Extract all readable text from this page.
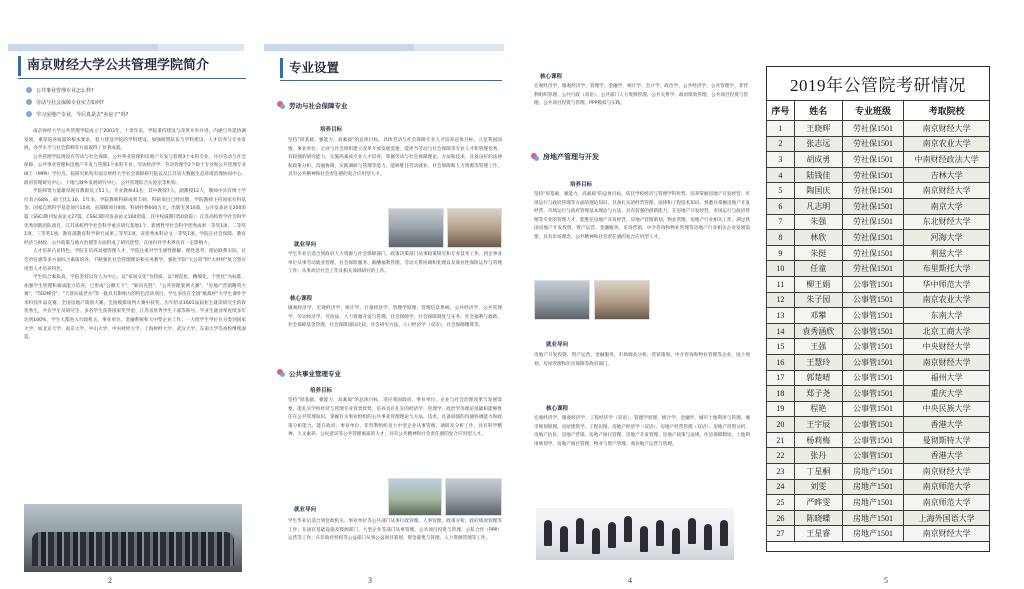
南京财经大学公共管理学院简介
公共事业管理专业怎么样?
劳动与社会保障专业实力如何?
学习房地产专业，今后真是去"卖房子"吗?

南京财经大学公共管理学院成立于2003年。十余年来，学院秉持建设与改革并举并进，内涵与外延协调发展，重谋培养质量的根本要求，着力建设学院的学科建设、加强师资队伍与学科建设，人才培养与专业发展，办学水平与社会影响等方面取得了显著成就。

公共管理学院现设有劳动与社会保障、公共事业管理和房地产开发与管理3个本科专业，开办劳动与社会保障、公共事业管理和房地产开发与管理3个本科专业。劳动经济学、劳动管理学2个硕士专业和公共管理专业硕士（MPA）学位点。院研究机构有南京财经大学社会保障研究院以及江苏省大数据生态环境治理协同中心、政府管理研究中心、土地与城乡发展研究中心、公共管理综合实验室等机构。

学院师资力量雄厚现有教职员工51人。专业教师43名，其中教授7人，副教授12人，教师中具有博士学位者占68%，硕士比1:10，1年来，学院教师科研成果丰硕，科研项目已经同期，学院教师主持国家社科基金、国家自然科学基金项目10项，省部级项目8项，科研经费600万元，出版专著10部，公开发表论文200余篇（SSCI期刊发表论文27篇，CSSCI期刊发表论文160余篇，其中权威期刊50余篇）；江苏高校哲学社会科学优秀创新团队项目，江苏高校哲学社会科学重点研究基地1个，新增哲学社会科学优秀成果一等奖1项、二等奖1项、三等奖1项，教育部教育科学研究成果三等奖1项，省优秀本科论文一等奖1项。学院在社会保障、教育经济与财政、公共政策与地方治理等方面形成了研究优势，在国内外学术界具有一定影响力。

人才培养凸显特色。学院在培养高端管理人才，学院注重对学生感性理解、理性思考、理论联系实际，社会责任感等多方面综合素质培养，不断强化社会管理理论和实务教学，强化学院"大公管"和"大财经"复合型应用型人才培养特色。

学生综合素质高。学院坚持以育人为中心，以"家国文化"为特质，以"规范化、精细化、个性化"为标准，加强学生管理和素质能力培养，已形成"公瓣天下"、"职向克胜"、"公共管理案例大赛"、"房地产营销精英大赛"、"TED峰会"、"天涯抗战老兵"等一批具有影响力的特色活动项目。学生多次在全国"挑战杯"大学生课外学术科技作品竞赛、全国房地产策划大赛、全国模拟谈判大赛中获奖。历年招录1601届届业生就读研究生阶段优秀生，共有学生及研究生、多名学生获得国家奖学金、江苏省优秀学生干部等称号。学业生就业率连续多年达到100%，学生大都进入行政机关、事业单位、金融系统和大中型企业工作；一大批学生学位在分类到国家大学，如北京大学、南京大学、中山大学、中央财经大学、上海财经大学、武汉大学、东南大学等高校继续深造。

2
专业设置
劳动与社会保障专业
培养目标
坚持"厚基础、强能力、高素质"的总体目标。具体劳动与社会保障专业人才培养总体目标，立足我国国情，事业单位、企业与社会组织建立改革开放发展需要，能担当劳动与社会保障等专业人才和管理优秀，有较强的研究能力，实施高素质专业人才培养，掌握劳动与社会保障理论，方法和技术，具备良好的法律和政策分析、沟通协调、实践调研与管理等能力，能够胜任劳动就业、社会保障和人力资源等管理工作，具有公共精神和社会责任感的复合应用型人才。
就业导向
学生毕业后适合到政府人力资源与社会保障部门、政策决策部门从事政策研究和专业技术工作，到企事业单位从事劳动就业管理、社会保险服务、薪酬福利管理、劳动关系协调和处理以及商业性保险运作与管理工作；从事高层社会工作及相关领域研究的工作。
核心课程
微观经济学、宏观经济学、统计学、计量经济学、管理学原理、管理信息系统、公共经济学、公共管理学、劳动经济学、劳动法、人力资源开发与管理、社会保障学、社会保障制度与实务、社会福利与救助、社会保障基金管理、社会保障国际比较、社会研究方法、人口经济学（双语）、社会保障精算等。
公共事业管理专业
培养目标
坚持"厚基础、强能力、高素质"的总体目标，适应我国政府、事业单位、企业与社会治理改革与发展需要，能扎实学校经济与管理专业背景优势，培养具有扎实的经济学、管理学、政治学等理论基础和能够胜任在公共管理知识，掌握有关事业组织的公共事业管理理论与方法、技术，具备较强的沟通协调能力和政策分析能力，能在政府、事业单位、非营利组织及大中型企业从事管理、调研及分析工作，具有科学精神、人文素养、公民意识等公共管理素质的人才，具有公共精神和社会责任感的复合应用型人才。
就业导向
学生毕业后适合到党政机关、事业单位等公共部门从事行政管理、人事管理、政策分析、政府绩效管理等工作；在国有基础设施及资源部门、大型企业等部门从事管理、公共项目投资与管理、公私合作（PPP）运营等工作；在非政府机构等公益部门从事公益项目策划、资金募集与管理、人力资源管理等工作。
3
核心课程
宏观经济学、微观经济学、管理学、金融学、统计学、会计学、政治学、公共经济学、公共管理学、非营利组织管理、公共行政（双语）、公共部门人力资源管理、公共关系学、政府绩效管理、公共项目投资与管理、公共项目投资与管理、PPP模拟与实践。
房地产管理与开发
培养目标
坚持"厚基础、强能力、高素质"的总体目标，依托学校经济与管理学科优势，培养掌握房地产开发经营、市场运行与政府管理等方面的理论知识，具备扎实的经营管理、法律和工程技术知识，熟悉并掌握房地产开发经营、市场运行与政府管理基本理论与方法，具有较强的创新能力，在房地产开发经营、市场运行与政府管理等专业的管理人才，能胜任房地产开发经营、房地产营销策划、物业管理、房地产行业相关工作，满足我国房地产开发投资、资产运营、金融服务、市场营销、中介咨询和物业管理等房地产行业相关企业发展需要，具有市场理念、公共精神和社会责任感的复合应用型人才。
就业导向
房地产开发投资、资产运营、金融服务、市场调查分析、营销策划、中介咨询和物业管理等企业，国土规划、房屋管理和住房保障等政府部门。
核心课程
宏观经济学、微观经济学、工程经济学（双语）、管理学原理、统计学、金融学、城市土地利用与管理、城市规划原理、房屋建筑学、工程识图、房地产经济学（双语）、房地产经营管理（双语）、房地产投资分析、房地产估价、房地产营销、房地产项目管理、房地产开发管理、房地产政策与法规、住房保障制度、土地利用规划学、房地产项目管理、物业与资产管理、商业地产运营与管理。
4
2019年公管院考研情况
序号	姓名	专业班级	考取院校
1	王晓辉	劳社保1501	南京财经大学
2	张志远	劳社保1501	南京农业大学
3	胡成勇	劳社保1501	中南财经政法大学
4	陆钱佳	劳社保1501	吉林大学
5	陶国庆	劳社保1501	南京财经大学
6	凡志明	劳社保1501	南京大学
7	朱强	劳社保1501	东北财经大学
8	林欣	劳社保1501	河海大学
9	朱挺	劳社保1501	利兹大学
10	任童	劳社保1501	布里斯托大学
11	柳王娟	公事管1501	华中师范大学
12	朱子园	公事管1501	南京农业大学
13	邓攀	公事管1501	东南大学
14	袁秀涵欣	公事管1501	北京工商大学
15	王强	公事管1501	中央财经大学
16	王慧玲	公事管1501	南京财经大学
17	郭楚晴	公事管1501	福州大学
18	郑子尧	公事管1501	重庆大学
19	程艳	公事管1501	中央民族大学
20	王宇辰	公事管1501	香港大学
21	杨莉梅	公事管1501	曼彻斯特大学
22	张丹	公事管1501	香港大学
23	丁星桐	房地产1501	南京财经大学
24	刘雯	房地产1501	南京师范大学
25	严晔雯	房地产1501	南京师范大学
26	陈晓蝶	房地产1501	上海外国语大学
27	王星睿	房地产1501	南京财经大学
5
